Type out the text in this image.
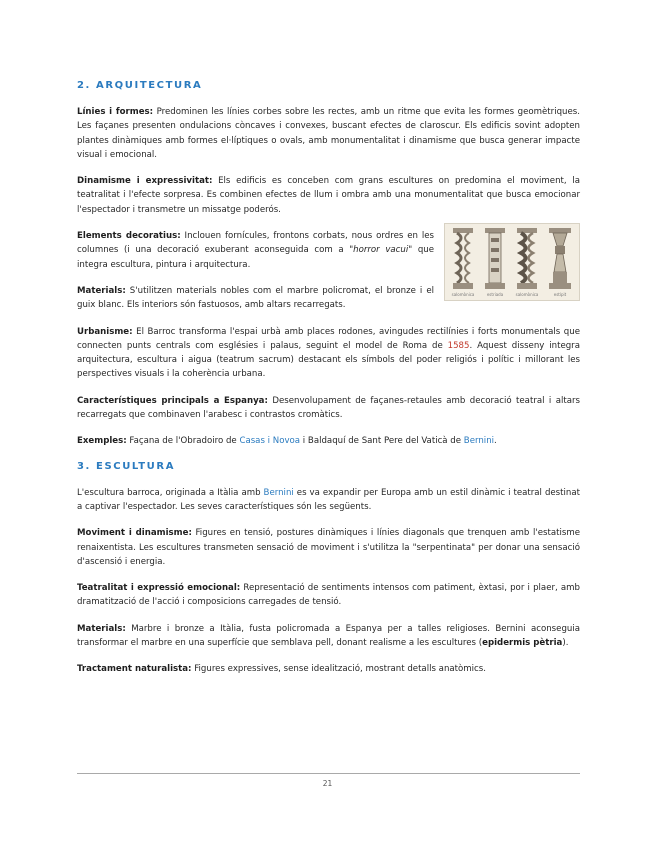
2. ARQUITECTURA

Línies i formes: Predominen les línies corbes sobre les rectes, amb un ritme que evita les formes geomètriques. Les façanes presenten ondulacions còncaves i convexes, buscant efectes de claroscur. Els edificis sovint adopten plantes dinàmiques amb formes el·líptiques o ovals, amb monumentalitat i dinamisme que busca generar impacte visual i emocional.

Dinamisme i expressivitat: Els edificis es conceben com grans escultures on predomina el moviment, la teatralitat i l'efecte sorpresa. Es combinen efectes de llum i ombra amb una monumentalitat que busca emocionar l'espectador i transmetre un missatge poderós.

salomònica	estriada	salomònica	estípit

Elements decoratius: Inclouen fornícules, frontons corbats, nous ordres en les columnes (i una decoració exuberant aconseguida com a "horror vacui" que integra escultura, pintura i arquitectura.

Materials: S'utilitzen materials nobles com el marbre policromat, el bronze i el guix blanc. Els interiors són fastuosos, amb altars recarregats.

Urbanisme: El Barroc transforma l'espai urbà amb places rodones, avingudes rectilínies i forts monumentals que connecten punts centrals com esglésies i palaus, seguint el model de Roma de 1585. Aquest disseny integra arquitectura, escultura i aigua (teatrum sacrum) destacant els símbols del poder religiós i polític i millorant les perspectives visuals i la coherència urbana.

Característiques principals a Espanya: Desenvolupament de façanes-retaules amb decoració teatral i altars recarregats que combinaven l'arabesc i contrastos cromàtics.

Exemples: Façana de l'Obradoiro de Casas i Novoa i Baldaquí de Sant Pere del Vaticà de Bernini.

3. ESCULTURA

L'escultura barroca, originada a Itàlia amb Bernini es va expandir per Europa amb un estil dinàmic i teatral destinat a captivar l'espectador. Les seves característiques són les següents.

Moviment i dinamisme: Figures en tensió, postures dinàmiques i línies diagonals que trenquen amb l'estatisme renaixentista. Les escultures transmeten sensació de moviment i s'utilitza la "serpentinata" per donar una sensació d'ascensió i energia.

Teatralitat i expressió emocional: Representació de sentiments intensos com patiment, èxtasi, por i plaer, amb dramatització de l'acció i composicions carregades de tensió.

Materials: Marbre i bronze a Itàlia, fusta policromada a Espanya per a talles religioses. Bernini aconseguia transformar el marbre en una superfície que semblava pell, donant realisme a les escultures (epidermis pètria).

Tractament naturalista: Figures expressives, sense idealització, mostrant detalls anatòmics.

21
